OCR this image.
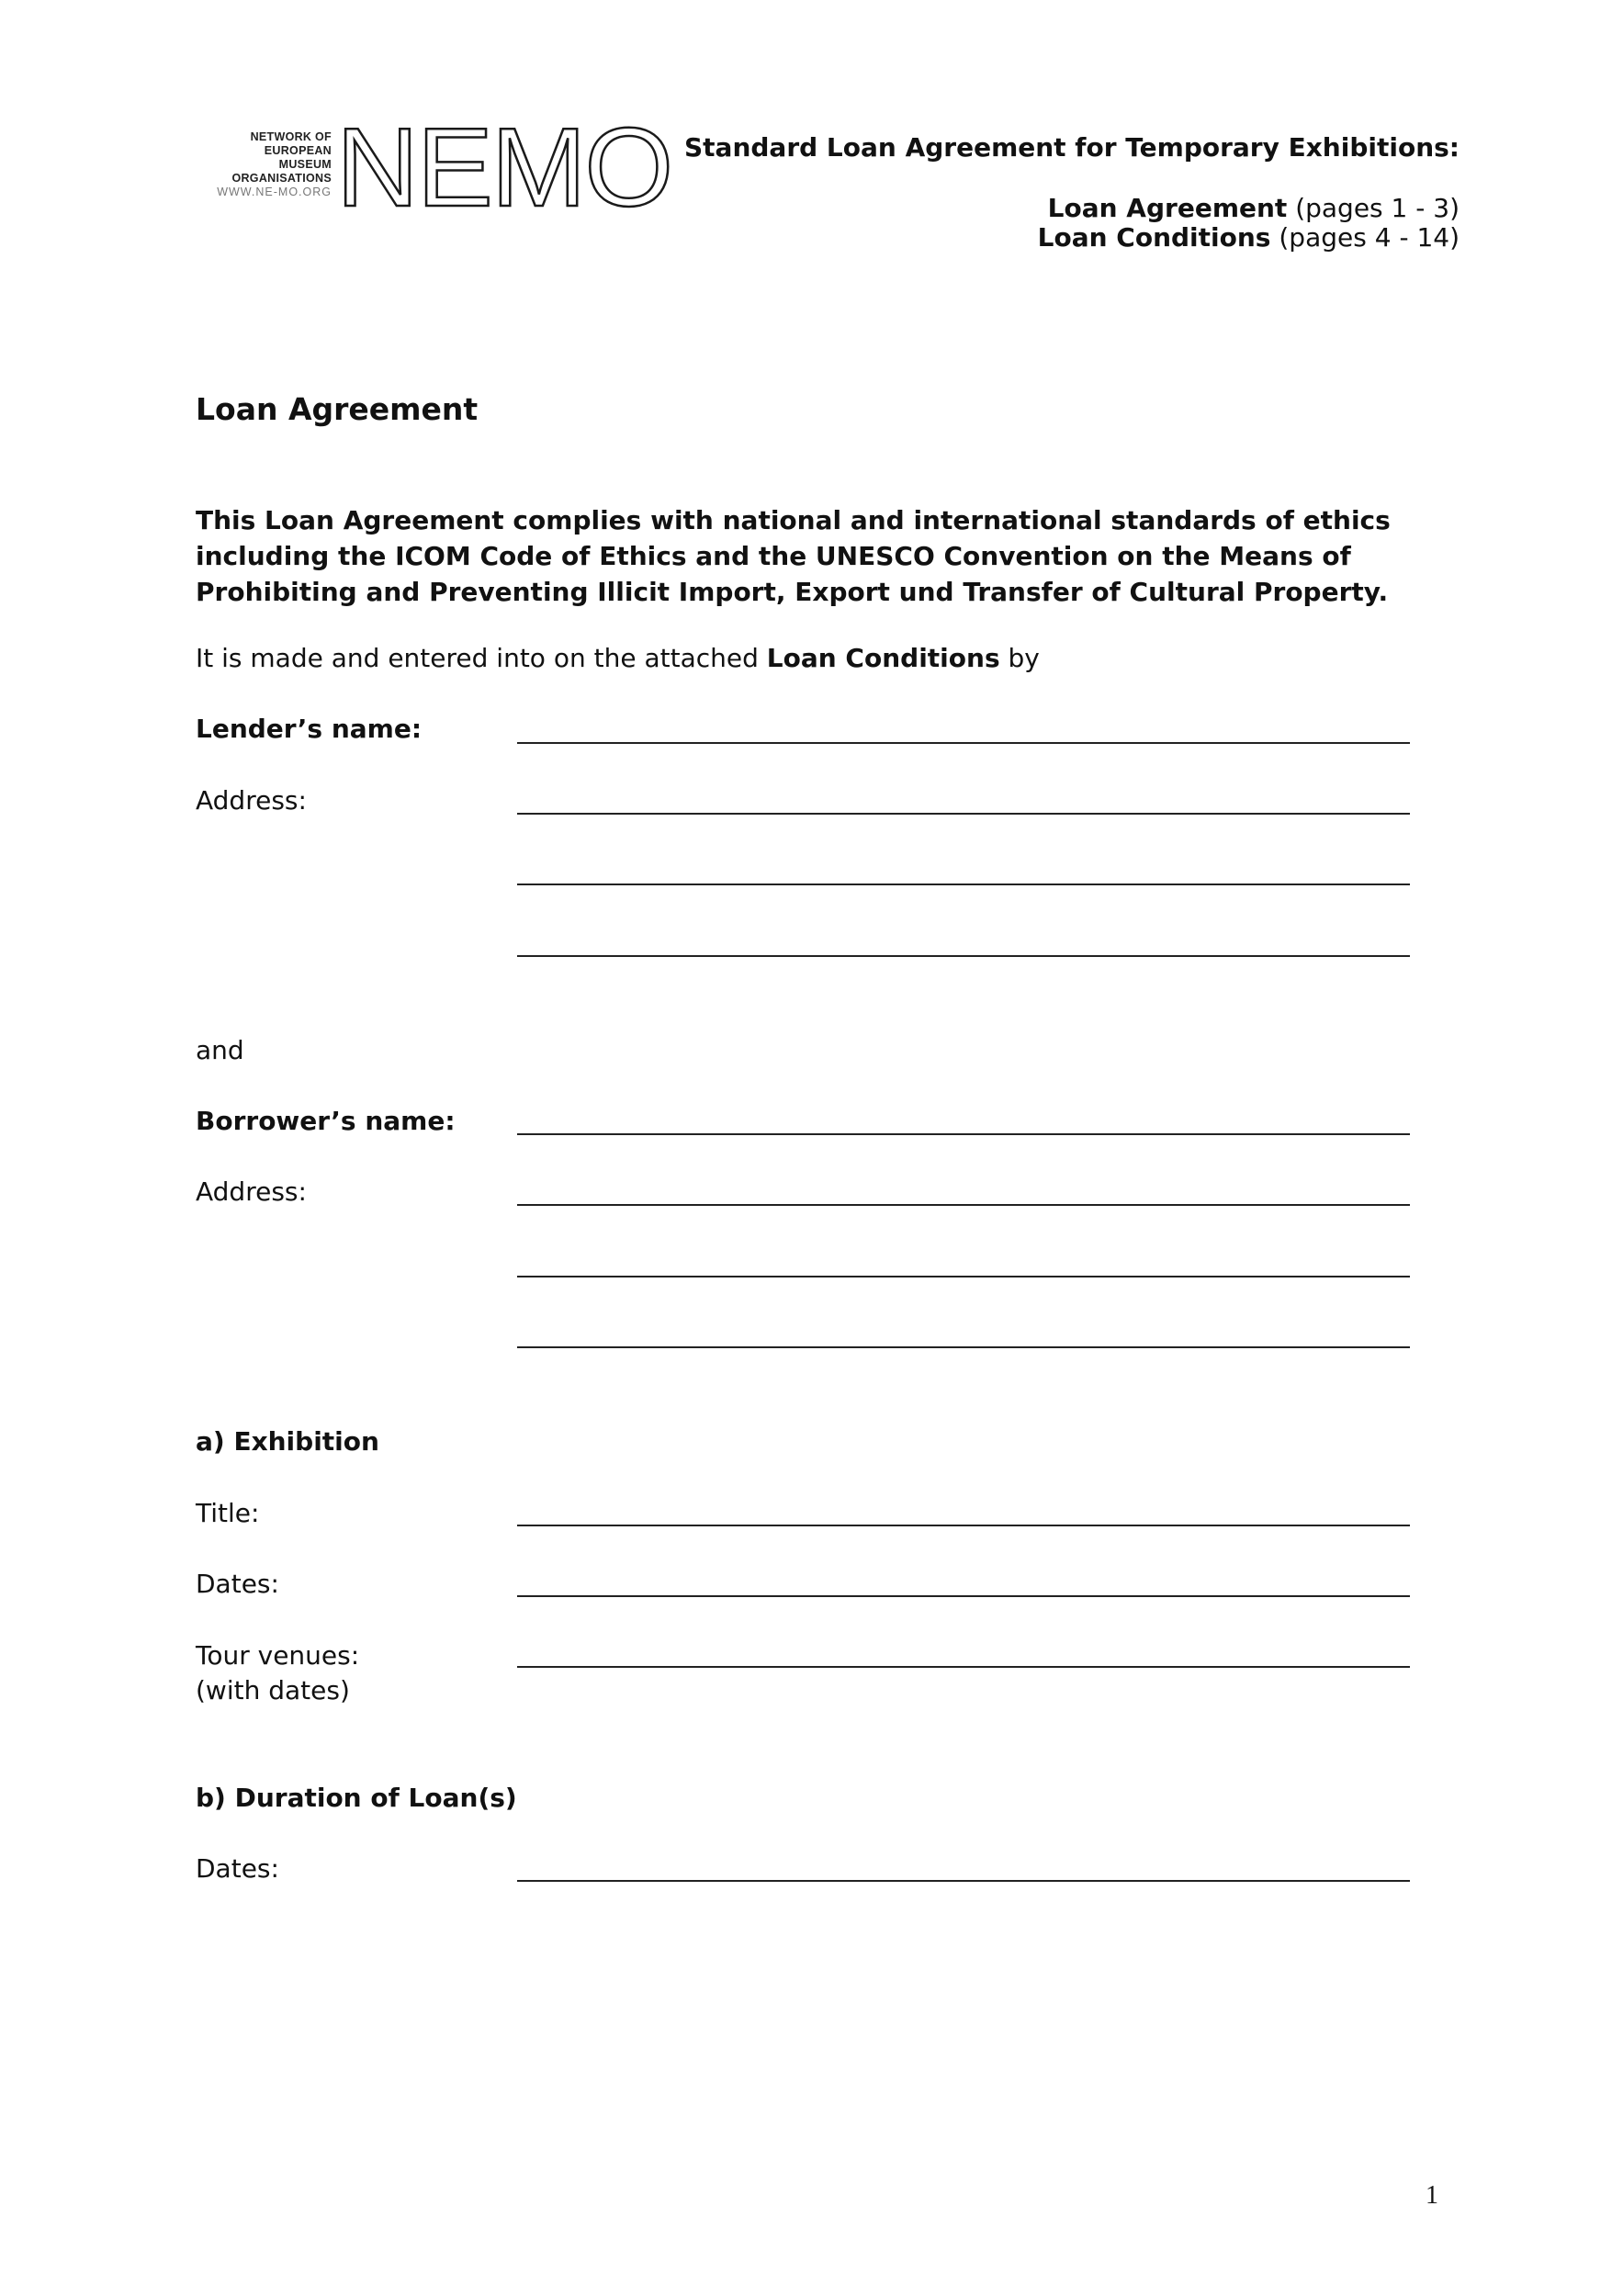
NETWORK OF
EUROPEAN
MUSEUM
ORGANISATIONS
WWW.NE-MO.ORG NEMO Standard Loan Agreement for Temporary Exhibitions:
Loan Agreement (pages 1 - 3)
Loan Conditions (pages 4 - 14)
Loan Agreement
This Loan Agreement complies with national and international standards of ethics
including the ICOM Code of Ethics and the UNESCO Convention on the Means of
Prohibiting and Preventing Illicit Import, Export und Transfer of Cultural Property.
It is made and entered into on the attached Loan Conditions by
Lender’s name:
Address:
and
Borrower’s name:
Address:
a) Exhibition
Title:
Dates:
Tour venues:
(with dates)
b) Duration of Loan(s)
Dates:
1
